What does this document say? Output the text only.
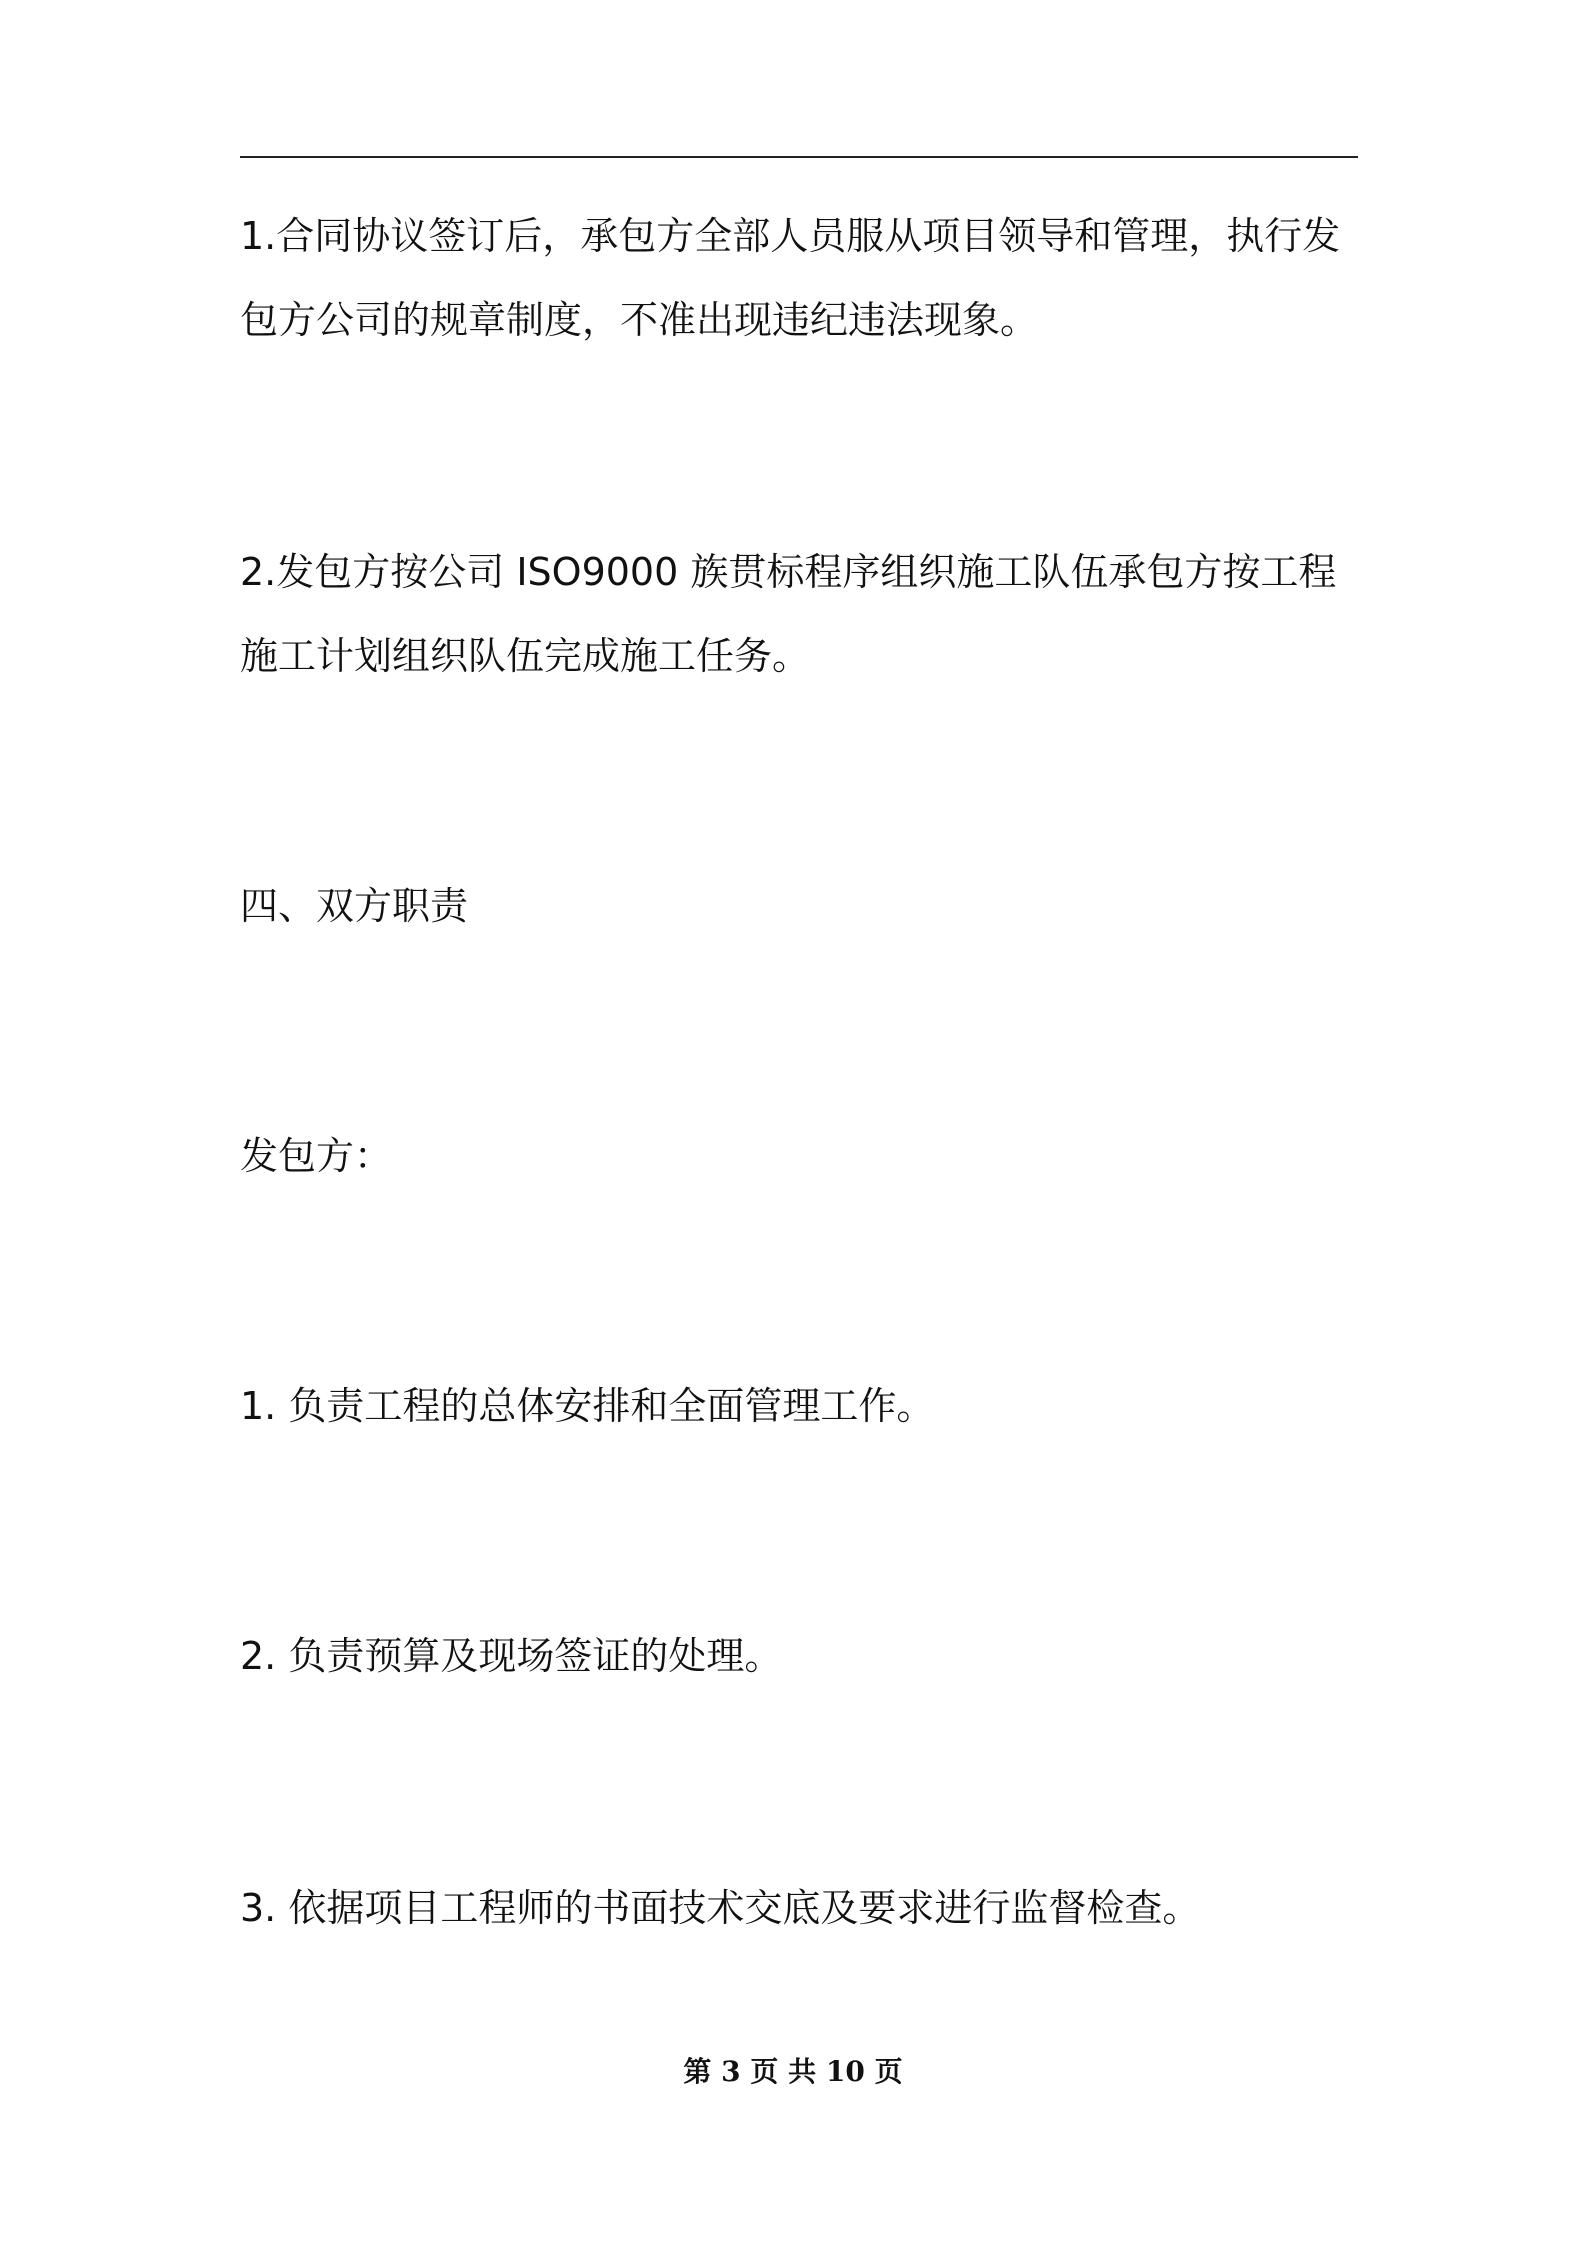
1.合同协议签订后，承包方全部人员服从项目领导和管理，执行发包方公司的规章制度，不准出现违纪违法现象。
2.发包方按公司 ISO9000 族贯标程序组织施工队伍承包方按工程施工计划组织队伍完成施工任务。
四、双方职责
发包方：
1. 负责工程的总体安排和全面管理工作。
2. 负责预算及现场签证的处理。
3. 依据项目工程师的书面技术交底及要求进行监督检查。
第 3 页 共 10 页
